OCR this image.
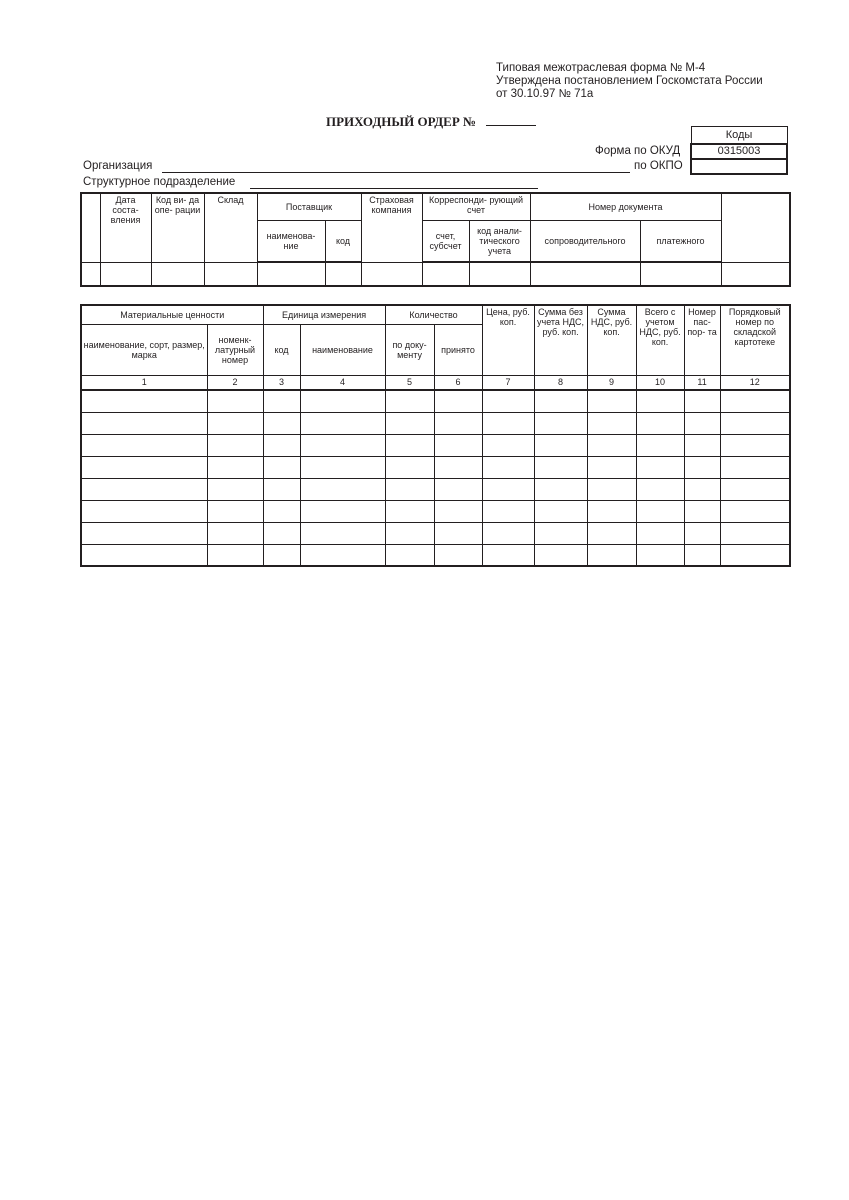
Типовая межотраслевая форма № М-4
Утверждена постановлением Госкомстата России
от 30.10.97 № 71а
ПРИХОДНЫЙ ОРДЕР №
Коды
0315003

Форма по ОКУД
по ОКПО
Организация
Структурное подразделение
	Дата состa- вления	Код ви- да опе- рации	Склад	Поставщик		Страховая компания	Корреспонди- рующий счет		Номер документа		
				наименова- ние	код		счет, субсчет	код анали- тического учета	сопроводительного	платежного	

Материальные ценности		Единица измерения		Количество		Цена, руб. коп.	Сумма без учета НДС, руб. коп.	Сумма НДС, руб. коп.	Всего с учетом НДС, руб. коп.	Номер пас- пор- та	Порядковый номер по складской картотеке
наименование, сорт, размер, марка	номенк- латурный номер	код	наименование	по доку- менту	принято						
1	2	3	4	5	6	7	8	9	10	11	12
